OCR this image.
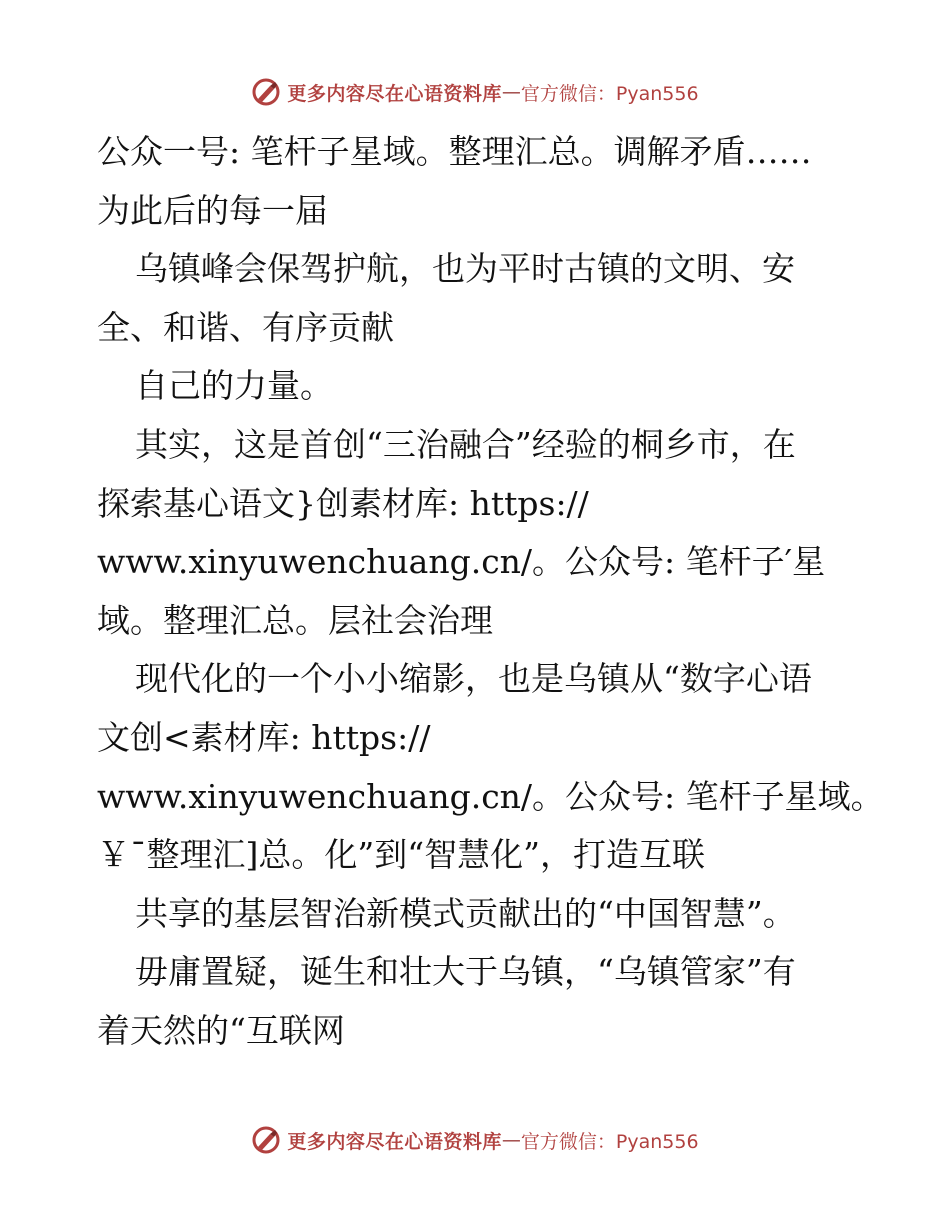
更多内容尽在心语资料库 — 官方微信：Pyan556
公众一号: 笔杆子星域。整理汇总。调解矛盾……
为此后的每一届
乌镇峰会保驾护航，也为平时古镇的文明、安
全、和谐、有序贡献
自己的力量。
其实，这是首创“三治融合”经验的桐乡市，在
探索基心语文}创素材库: https://
www.xinyuwenchuang.cn/。公众号: 笔杆子′星
域。整理汇总。层社会治理
现代化的一个小小缩影，也是乌镇从“数字心语
文创<素材库: https://
www.xinyuwenchuang.cn/。公众号: 笔杆子星域。
￥¯整理汇]总。化”到“智慧化”，打造互联
共享的基层智治新模式贡献出的“中国智慧”。
毋庸置疑，诞生和壮大于乌镇，“乌镇管家”有
着天然的“互联网
更多内容尽在心语资料库 — 官方微信：Pyan556
